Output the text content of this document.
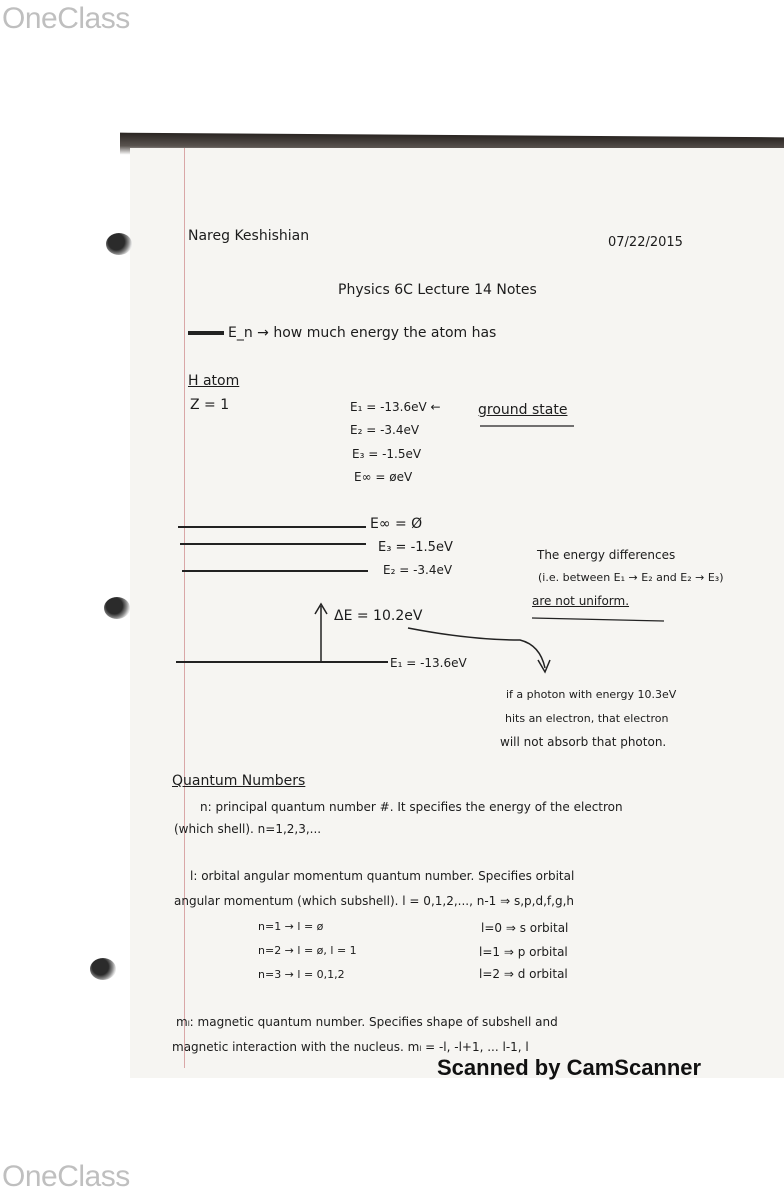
OneClass
Nareg Keshishian	07/22/2015
Physics 6C Lecture 14 Notes
E_n → how much energy the atom has
H atom
Z = 1	E₁ = -13.6eV ←	ground state
E₂ = -3.4eV
E₃ = -1.5eV
E∞ = øeV
E∞ = Ø
E₃ = -1.5eV
E₂ = -3.4eV
E₁ = -13.6eV
ΔE = 10.2eV
The energy differences
(i.e. between E₁ → E₂ and E₂ → E₃)
are not uniform.
if a photon with energy 10.3eV
hits an electron, that electron
will not absorb that photon.
Quantum Numbers
n: principal quantum number #. It specifies the energy of the electron
(which shell). n=1,2,3,...
l: orbital angular momentum quantum number. Specifies orbital
angular momentum (which subshell). l = 0,1,2,..., n-1 ⇒ s,p,d,f,g,h
n=1 → l = ø
n=2 → l = ø, l = 1
n=3 → l = 0,1,2
l=0 ⇒ s orbital
l=1 ⇒ p orbital
l=2 ⇒ d orbital
mₗ: magnetic quantum number. Specifies shape of subshell and
magnetic interaction with the nucleus. mₗ = -l, -l+1, ... l-1, l
Scanned by CamScanner
OneClass
